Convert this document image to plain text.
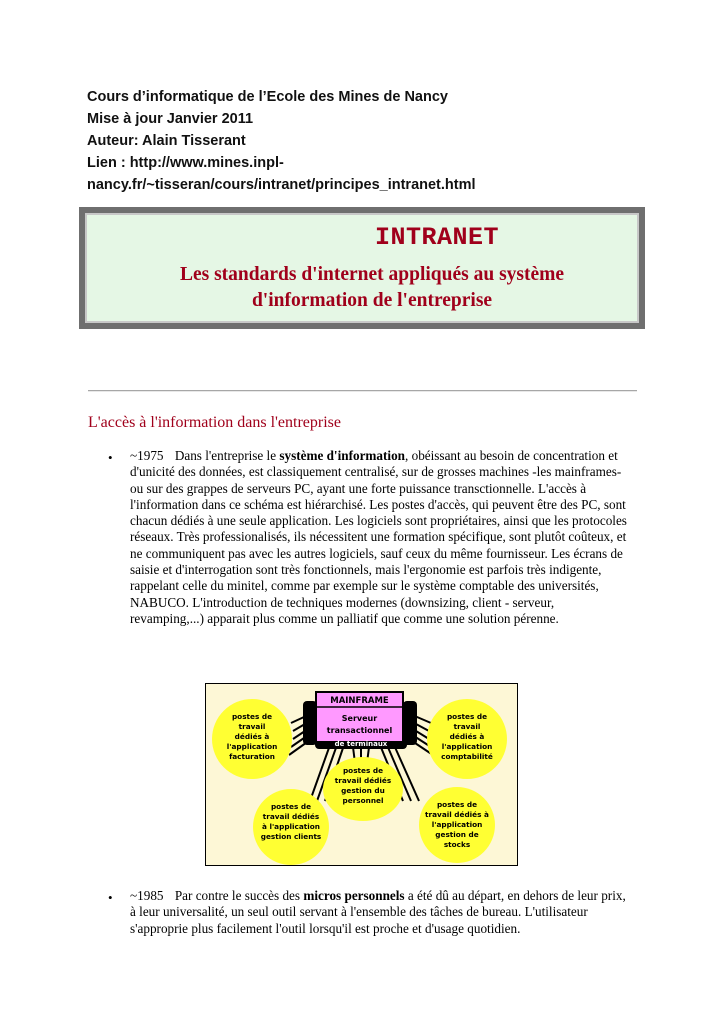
Cours d’informatique de l’Ecole des Mines de Nancy
Mise à jour Janvier 2011
Auteur: Alain Tisserant
Lien : http://www.mines.inpl-
nancy.fr/~tisseran/cours/intranet/principes_intranet.html
INTRANET
Les standards d'internet appliqués au système
d'information de l'entreprise
L'accès à l'information dans l'entreprise
• ~1975 Dans l'entreprise le système d'information, obéissant au besoin de concentration et d'unicité des données, est classiquement centralisé, sur de grosses machines -les mainframes- ou sur des grappes de serveurs PC, ayant une forte puissance transctionnelle. L'accès à l'information dans ce schéma est hiérarchisé. Les postes d'accès, qui peuvent être des PC, sont chacun dédiés à une seule application. Les logiciels sont propriétaires, ainsi que les protocoles réseaux. Très professionalisés, ils nécessitent une formation spécifique, sont plutôt coûteux, et ne communiquent pas avec les autres logiciels, sauf ceux du même fournisseur. Les écrans de saisie et d'interrogation sont très fonctionnels, mais l'ergonomie est parfois très indigente, rappelant celle du minitel, comme par exemple sur le système comptable des universités, NABUCO. L'introduction de techniques modernes (downsizing, client - serveur, revamping,...) apparait plus comme un palliatif que comme une solution pérenne.
MAINFRAME
Serveur
transactionnel
de terminaux
postes de
travail
dédiés à
l'application
facturation
postes de
travail
dédiés à
l'application
comptabilité
postes de
travail dédiés
gestion du
personnel
postes de
travail dédiés
à l'application
gestion clients
postes de
travail dédiés à
l'application
gestion de
stocks
• ~1985 Par contre le succès des micros personnels a été dû au départ, en dehors de leur prix, à leur universalité, un seul outil servant à l'ensemble des tâches de bureau. L'utilisateur s'approprie plus facilement l'outil lorsqu'il est proche et d'usage quotidien.
